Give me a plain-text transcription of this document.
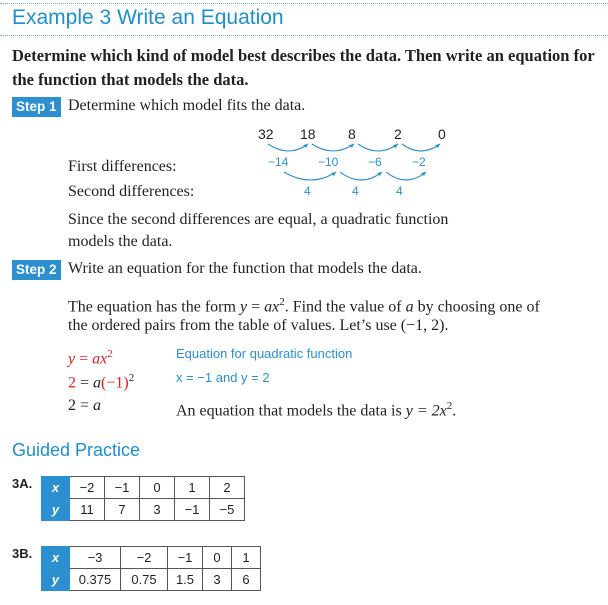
Example 3 Write an Equation
Determine which kind of model best describes the data. Then write an equation for the function that models the data.
Step 1 Determine which model fits the data.
32 18 8	2	0
First differences:	−14 −10 −6	−2
Second differences:	4	4	4
Since the second differences are equal, a quadratic function
models the data.
Step 2 Write an equation for the function that models the data.
The equation has the form $y = ax^2$. Find the value of a by choosing one of
the ordered pairs from the table of values. Let’s use (−1, 2).
$y = ax^2$	Equation for quadratic function
$2 = a(-1)^2$	x = −1 and y = 2
2 = a	An equation that models the data is $y = 2x^2$.
Guided Practice
3A. x	−2	−1	0	1	2
y	11	7	3	−1	−5
3B. x	−3	−2	−1	0	1
y	0.375	0.75	1.5	3	6
